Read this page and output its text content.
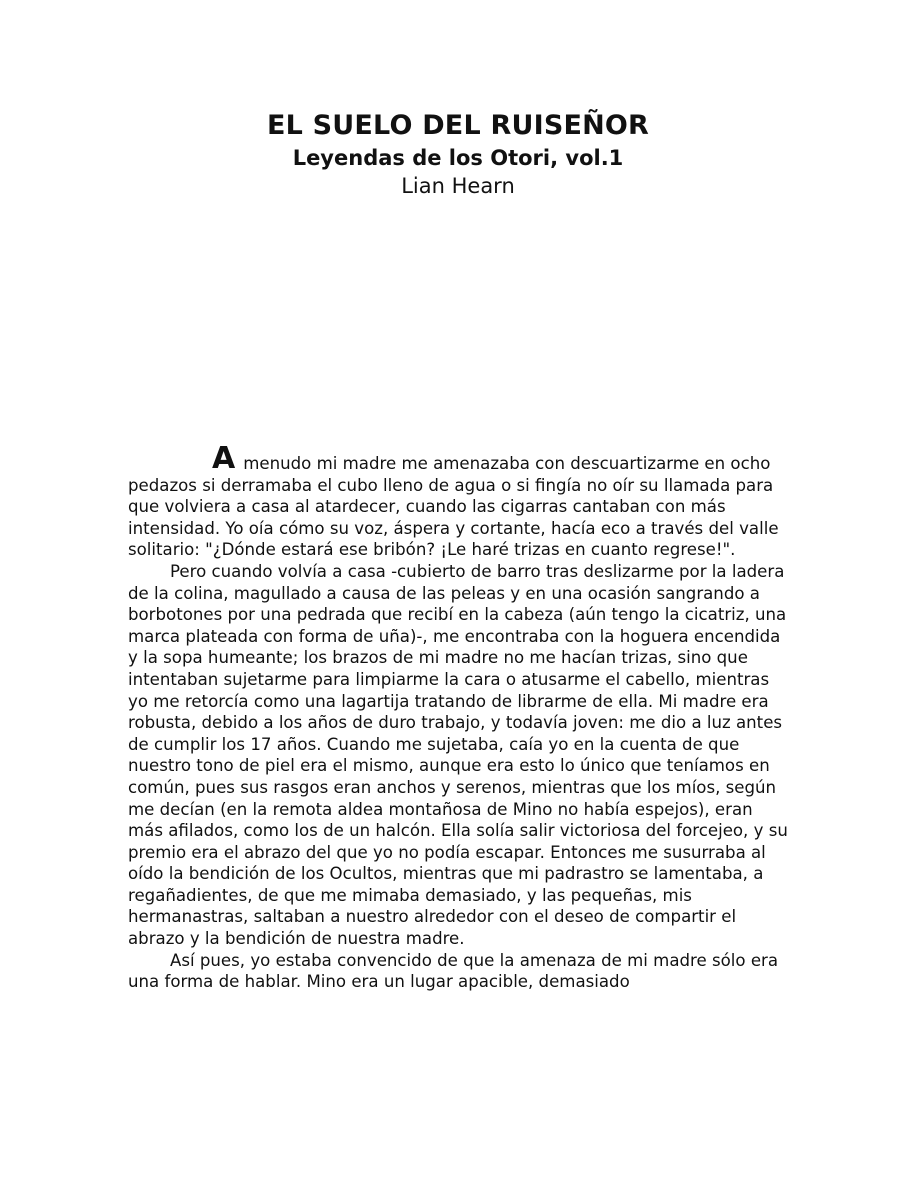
EL SUELO DEL RUISEÑOR
Leyendas de los Otori, vol.1
Lian Hearn

Amenudo mi madre me amenazaba con descuartizarme en ocho pedazos si derramaba el cubo lleno de agua o si fingía no oír su llamada para que volviera a casa al atardecer, cuando las cigarras cantaban con más intensidad. Yo oía cómo su voz, áspera y cortante, hacía eco a través del valle solitario: "¿Dónde estará ese bribón? ¡Le haré trizas en cuanto regrese!".

Pero cuando volvía a casa -cubierto de barro tras deslizarme por la ladera de la colina, magullado a causa de las peleas y en una ocasión sangrando a borbotones por una pedrada que recibí en la cabeza (aún tengo la cicatriz, una marca plateada con forma de uña)-, me encontraba con la hoguera encendida y la sopa humeante; los brazos de mi madre no me hacían trizas, sino que intentaban sujetarme para limpiarme la cara o atusarme el cabello, mientras yo me retorcía como una lagartija tratando de librarme de ella. Mi madre era robusta, debido a los años de duro trabajo, y todavía joven: me dio a luz antes de cumplir los 17 años. Cuando me sujetaba, caía yo en la cuenta de que nuestro tono de piel era el mismo, aunque era esto lo único que teníamos en común, pues sus rasgos eran anchos y serenos, mientras que los míos, según me decían (en la remota aldea montañosa de Mino no había espejos), eran más afilados, como los de un halcón. Ella solía salir victoriosa del forcejeo, y su premio era el abrazo del que yo no podía escapar. Entonces me susurraba al oído la bendición de los Ocultos, mientras que mi padrastro se lamentaba, a regañadientes, de que me mimaba demasiado, y las pequeñas, mis hermanastras, saltaban a nuestro alrededor con el deseo de compartir el abrazo y la bendición de nuestra madre.

Así pues, yo estaba convencido de que la amenaza de mi madre sólo era una forma de hablar. Mino era un lugar apacible, demasiado
